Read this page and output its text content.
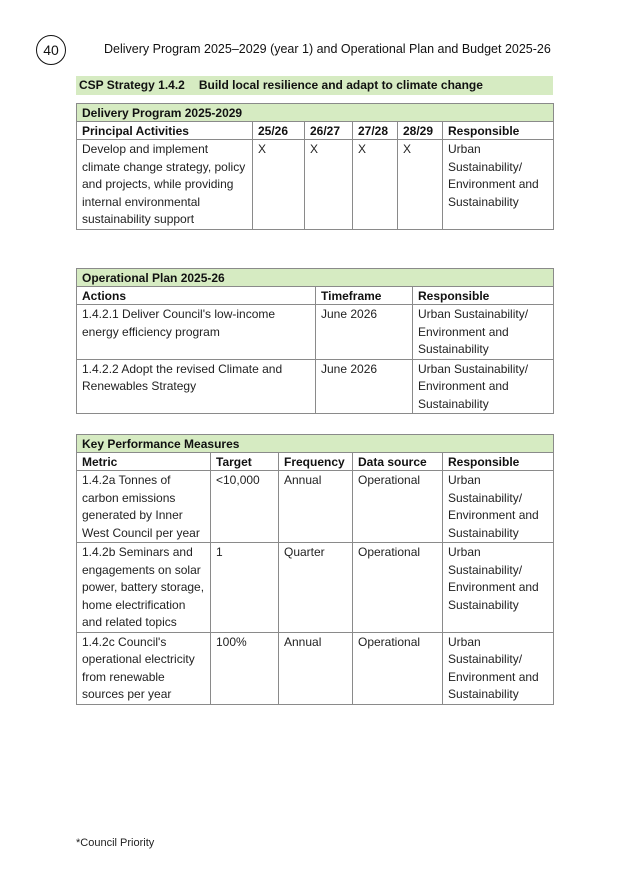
40	Delivery Program 2025–2029 (year 1) and Operational Plan and Budget 2025-26
CSP Strategy 1.4.2 Build local resilience and adapt to climate change
Delivery Program 2025-2029					
Principal Activities	25/26	26/27	27/28	28/29	Responsible
Develop and implement climate change strategy, policy and projects, while providing internal environmental sustainability support	X	X	X	X	Urban Sustainability/ Environment and Sustainability
Operational Plan 2025-26		
Actions	Timeframe	Responsible
1.4.2.1 Deliver Council's low-income energy efficiency program	June 2026	Urban Sustainability/ Environment and Sustainability
1.4.2.2 Adopt the revised Climate and Renewables Strategy	June 2026	Urban Sustainability/ Environment and Sustainability
Key Performance Measures				
Metric	Target	Frequency	Data source	Responsible
1.4.2a Tonnes of carbon emissions generated by Inner West Council per year	<10,000	Annual	Operational	Urban Sustainability/ Environment and Sustainability
1.4.2b Seminars and engagements on solar power, battery storage, home electrification and related topics	1	Quarter	Operational	Urban Sustainability/ Environment and Sustainability
1.4.2c Council's operational electricity from renewable sources per year	100%	Annual	Operational	Urban Sustainability/ Environment and Sustainability
*Council Priority
